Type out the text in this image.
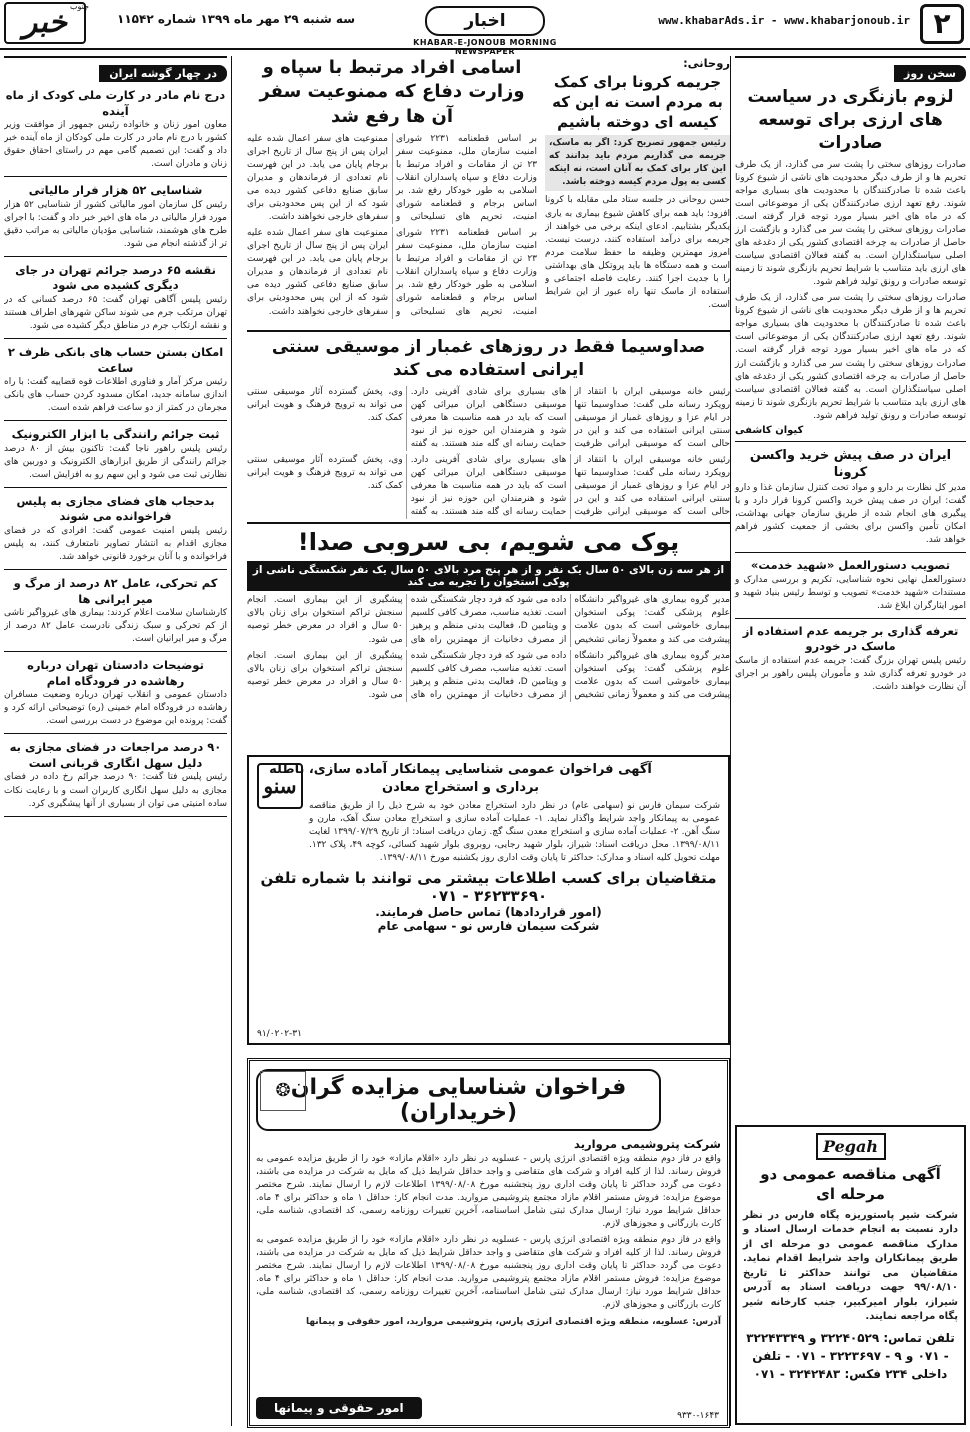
۲
www.khabarAds.ir - www.khabarjonoub.ir
اخبار
KHABAR-E-JONOUB MORNING NEWSPAPER
سه شنبه ۲۹ مهر ماه ۱۳۹۹ شماره ۱۱۵۴۲
خبر جنوب
سخن روز
لزوم بازنگری در سیاست های ارزی برای توسعه صادرات
صادرات روزهای سختی را پشت سر می گذارد، از یک طرف تحریم ها و از طرف دیگر محدودیت های ناشی از شیوع کرونا باعث شده تا صادرکنندگان با محدودیت های بسیاری مواجه شوند. رفع تعهد ارزی صادرکنندگان یکی از موضوعاتی است که در ماه های اخیر بسیار مورد توجه قرار گرفته است. صادرات روزهای سختی را پشت سر می گذارد و بازگشت ارز حاصل از صادرات به چرخه اقتصادی کشور یکی از دغدغه های اصلی سیاستگذاران است. به گفته فعالان اقتصادی سیاست های ارزی باید متناسب با شرایط تحریم بازنگری شوند تا زمینه توسعه صادرات و رونق تولید فراهم شود.
صادرات روزهای سختی را پشت سر می گذارد، از یک طرف تحریم ها و از طرف دیگر محدودیت های ناشی از شیوع کرونا باعث شده تا صادرکنندگان با محدودیت های بسیاری مواجه شوند. رفع تعهد ارزی صادرکنندگان یکی از موضوعاتی است که در ماه های اخیر بسیار مورد توجه قرار گرفته است. صادرات روزهای سختی را پشت سر می گذارد و بازگشت ارز حاصل از صادرات به چرخه اقتصادی کشور یکی از دغدغه های اصلی سیاستگذاران است. به گفته فعالان اقتصادی سیاست های ارزی باید متناسب با شرایط تحریم بازنگری شوند تا زمینه توسعه صادرات و رونق تولید فراهم شود.
کیوان کاشفی
ایران در صف پیش خرید واکسن کرونا
مدیر کل نظارت بر دارو و مواد تحت کنترل سازمان غذا و دارو گفت: ایران در صف پیش خرید واکسن کرونا قرار دارد و با پیگیری های انجام شده از طریق سازمان جهانی بهداشت، امکان تأمین واکسن برای بخشی از جمعیت کشور فراهم خواهد شد.
تصویب دستورالعمل «شهید خدمت»
دستورالعمل نهایی نحوه شناسایی، تکریم و بررسی مدارک و مستندات «شهید خدمت» تصویب و توسط رئیس بنیاد شهید و امور ایثارگران ابلاغ شد.
تعرفه گذاری بر جریمه عدم استفاده از ماسک در خودرو
رئیس پلیس تهران بزرگ گفت: جریمه عدم استفاده از ماسک در خودرو تعرفه گذاری شد و مأموران پلیس راهور بر اجرای آن نظارت خواهند داشت.
روحانی:
جریمه کرونا برای کمک به مردم است نه این که کیسه ای دوخته باشیم
رئیس جمهور تصریح کرد: اگر به ماسک، جریمه می گذاریم مردم باید بدانند که این کار برای کمک به آنان است، نه اینکه کسی به پول مردم کیسه دوخته باشد.
حسن روحانی در جلسه ستاد ملی مقابله با کرونا افزود: باید همه برای کاهش شیوع بیماری به یاری یکدیگر بشتابیم. ادعای اینکه برخی می خواهند از جریمه برای درآمد استفاده کنند، درست نیست. امروز مهمترین وظیفه ما حفظ سلامت مردم است و همه دستگاه ها باید پروتکل های بهداشتی را با جدیت اجرا کنند. رعایت فاصله اجتماعی و استفاده از ماسک تنها راه عبور از این شرایط است.
اسامی افراد مرتبط با سپاه و وزارت دفاع که ممنوعیت سفر آن ها رفع شد
بر اساس قطعنامه ۲۲۳۱ شورای امنیت سازمان ملل، ممنوعیت سفر ۲۳ تن از مقامات و افراد مرتبط با وزارت دفاع و سپاه پاسداران انقلاب اسلامی به طور خودکار رفع شد. بر اساس برجام و قطعنامه شورای امنیت، تحریم های تسلیحاتی و ممنوعیت های سفر اعمال شده علیه ایران پس از پنج سال از تاریخ اجرای برجام پایان می یابد. در این فهرست نام تعدادی از فرماندهان و مدیران سابق صنایع دفاعی کشور دیده می شود که از این پس محدودیتی برای سفرهای خارجی نخواهند داشت.
بر اساس قطعنامه ۲۲۳۱ شورای امنیت سازمان ملل، ممنوعیت سفر ۲۳ تن از مقامات و افراد مرتبط با وزارت دفاع و سپاه پاسداران انقلاب اسلامی به طور خودکار رفع شد. بر اساس برجام و قطعنامه شورای امنیت، تحریم های تسلیحاتی و ممنوعیت های سفر اعمال شده علیه ایران پس از پنج سال از تاریخ اجرای برجام پایان می یابد. در این فهرست نام تعدادی از فرماندهان و مدیران سابق صنایع دفاعی کشور دیده می شود که از این پس محدودیتی برای سفرهای خارجی نخواهند داشت.
صداوسیما فقط در روزهای غمبار از موسیقی سنتی ایرانی استفاده می کند
رئیس خانه موسیقی ایران با انتقاد از رویکرد رسانه ملی گفت: صداوسیما تنها در ایام عزا و روزهای غمبار از موسیقی سنتی ایرانی استفاده می کند و این در حالی است که موسیقی ایرانی ظرفیت های بسیاری برای شادی آفرینی دارد. موسیقی دستگاهی ایران میراثی کهن است که باید در همه مناسبت ها معرفی شود و هنرمندان این حوزه نیز از نبود حمایت رسانه ای گله مند هستند. به گفته وی، پخش گسترده آثار موسیقی سنتی می تواند به ترویج فرهنگ و هویت ایرانی کمک کند.
رئیس خانه موسیقی ایران با انتقاد از رویکرد رسانه ملی گفت: صداوسیما تنها در ایام عزا و روزهای غمبار از موسیقی سنتی ایرانی استفاده می کند و این در حالی است که موسیقی ایرانی ظرفیت های بسیاری برای شادی آفرینی دارد. موسیقی دستگاهی ایران میراثی کهن است که باید در همه مناسبت ها معرفی شود و هنرمندان این حوزه نیز از نبود حمایت رسانه ای گله مند هستند. به گفته وی، پخش گسترده آثار موسیقی سنتی می تواند به ترویج فرهنگ و هویت ایرانی کمک کند.
پوک می شویم، بی سروبی صدا!
از هر سه زن بالای ۵۰ سال یک نفر و از هر پنج مرد بالای ۵۰ سال یک نفر شکستگی ناشی از پوکی استخوان را تجربه می کند
مدیر گروه بیماری های غیرواگیر دانشگاه علوم پزشکی گفت: پوکی استخوان بیماری خاموشی است که بدون علامت پیشرفت می کند و معمولاً زمانی تشخیص داده می شود که فرد دچار شکستگی شده است. تغذیه مناسب، مصرف کافی کلسیم و ویتامین D، فعالیت بدنی منظم و پرهیز از مصرف دخانیات از مهمترین راه های پیشگیری از این بیماری است. انجام سنجش تراکم استخوان برای زنان بالای ۵۰ سال و افراد در معرض خطر توصیه می شود.
مدیر گروه بیماری های غیرواگیر دانشگاه علوم پزشکی گفت: پوکی استخوان بیماری خاموشی است که بدون علامت پیشرفت می کند و معمولاً زمانی تشخیص داده می شود که فرد دچار شکستگی شده است. تغذیه مناسب، مصرف کافی کلسیم و ویتامین D، فعالیت بدنی منظم و پرهیز از مصرف دخانیات از مهمترین راه های پیشگیری از این بیماری است. انجام سنجش تراکم استخوان برای زنان بالای ۵۰ سال و افراد در معرض خطر توصیه می شود.
سنو
آگهی فراخوان عمومی شناسایی پیمانکار آماده سازی، باطله برداری و استخراج معادن
شرکت سیمان فارس نو (سهامی عام) در نظر دارد استخراج معادن خود به شرح ذیل را از طریق مناقصه عمومی به پیمانکار واجد شرایط واگذار نماید. ۱- عملیات آماده سازی و استخراج معادن سنگ آهک، مارن و سنگ آهن. ۲- عملیات آماده سازی و استخراج معدن سنگ گچ. زمان دریافت اسناد: از تاریخ ۱۳۹۹/۰۷/۲۹ لغایت ۱۳۹۹/۰۸/۱۱. محل دریافت اسناد: شیراز، بلوار شهید رجایی، روبروی بلوار شهید کسائی، کوچه ۴۹، پلاک ۱۳۲. مهلت تحویل کلیه اسناد و مدارک: حداکثر تا پایان وقت اداری روز یکشنبه مورخ ۱۳۹۹/۰۸/۱۱.
متقاضیان برای کسب اطلاعات بیشتر می توانند با شماره تلفن ۳۶۲۳۳۶۹۰ - ۰۷۱
(امور قراردادها) تماس حاصل فرمایند.
شرکت سیمان فارس نو - سهامی عام
۹۱/۰۲۰۲-۳۱
❂ فراخوان شناسایی مزایده گران (خریداران)
شرکت پتروشیمی مروارید
واقع در فاز دوم منطقه ویژه اقتصادی انرژی پارس - عسلویه در نظر دارد «اقلام مازاد» خود را از طریق مزایده عمومی به فروش رساند. لذا از کلیه افراد و شرکت های متقاضی و واجد حداقل شرایط ذیل که مایل به شرکت در مزایده می باشند، دعوت می گردد حداکثر تا پایان وقت اداری روز پنجشنبه مورخ ۱۳۹۹/۰۸/۰۸ اطلاعات لازم را ارسال نمایند. شرح مختصر موضوع مزایده: فروش مستمر اقلام مازاد مجتمع پتروشیمی مروارید. مدت انجام کار: حداقل ۱ ماه و حداکثر برای ۴ ماه. حداقل شرایط مورد نیاز: ارسال مدارک ثبتی شامل اساسنامه، آخرین تغییرات روزنامه رسمی، کد اقتصادی، شناسه ملی، کارت بازرگانی و مجوزهای لازم.
واقع در فاز دوم منطقه ویژه اقتصادی انرژی پارس - عسلویه در نظر دارد «اقلام مازاد» خود را از طریق مزایده عمومی به فروش رساند. لذا از کلیه افراد و شرکت های متقاضی و واجد حداقل شرایط ذیل که مایل به شرکت در مزایده می باشند، دعوت می گردد حداکثر تا پایان وقت اداری روز پنجشنبه مورخ ۱۳۹۹/۰۸/۰۸ اطلاعات لازم را ارسال نمایند. شرح مختصر موضوع مزایده: فروش مستمر اقلام مازاد مجتمع پتروشیمی مروارید. مدت انجام کار: حداقل ۱ ماه و حداکثر برای ۴ ماه. حداقل شرایط مورد نیاز: ارسال مدارک ثبتی شامل اساسنامه، آخرین تغییرات روزنامه رسمی، کد اقتصادی، شناسه ملی، کارت بازرگانی و مجوزهای لازم.
آدرس: عسلویه، منطقه ویژه اقتصادی انرژی پارس، پتروشیمی مروارید، امور حقوقی و پیمانها
امور حقوقی و پیمانها
۹۳۳۰-۱۶۴۳
Pegah
آگهی مناقصه عمومی دو مرحله ای
شرکت شیر پاستوریزه پگاه فارس در نظر دارد نسبت به انجام خدمات ارسال اسناد و مدارک مناقصه عمومی دو مرحله ای از طریق پیمانکاران واجد شرایط اقدام نماید. متقاضیان می توانند حداکثر تا تاریخ ۹۹/۰۸/۱۰ جهت دریافت اسناد به آدرس شیراز، بلوار امیرکبیر، جنب کارخانه شیر پگاه مراجعه نمایند.
تلفن تماس: ۳۲۲۴۰۵۲۹ و ۳۲۲۴۳۳۴۹ - ۰۷۱ و ۹ - ۳۲۲۳۶۹۷ - ۰۷۱ - تلفن داخلی ۲۳۴ فکس: ۳۲۴۲۴۸۳ - ۰۷۱
در چهار گوشه ایران
درج نام مادر در کارت ملی کودک از ماه آینده
معاون امور زنان و خانواده رئیس جمهور از موافقت وزیر کشور با درج نام مادر در کارت ملی کودکان از ماه آینده خبر داد و گفت: این تصمیم گامی مهم در راستای احقاق حقوق زنان و مادران است.
شناسایی ۵۲ هزار فرار مالیاتی
رئیس کل سازمان امور مالیاتی کشور از شناسایی ۵۲ هزار مورد فرار مالیاتی در ماه های اخیر خبر داد و گفت: با اجرای طرح های هوشمند، شناسایی مؤدیان مالیاتی به مراتب دقیق تر از گذشته انجام می شود.
نقشه ۶۵ درصد جرائم تهران در جای دیگری کشیده می شود
رئیس پلیس آگاهی تهران گفت: ۶۵ درصد کسانی که در تهران مرتکب جرم می شوند ساکن شهرهای اطراف هستند و نقشه ارتکاب جرم در مناطق دیگر کشیده می شود.
امکان بستن حساب های بانکی ظرف ۲ ساعت
رئیس مرکز آمار و فناوری اطلاعات قوه قضاییه گفت: با راه اندازی سامانه جدید، امکان مسدود کردن حساب های بانکی مجرمان در کمتر از دو ساعت فراهم شده است.
ثبت جرائم رانندگی با ابزار الکترونیک
رئیس پلیس راهور ناجا گفت: تاکنون بیش از ۸۰ درصد جرائم رانندگی از طریق ابزارهای الکترونیک و دوربین های نظارتی ثبت می شود و این سهم رو به افزایش است.
بدحجاب های فضای مجازی به پلیس فراخوانده می شوند
رئیس پلیس امنیت عمومی گفت: افرادی که در فضای مجازی اقدام به انتشار تصاویر نامتعارف کنند، به پلیس فراخوانده و با آنان برخورد قانونی خواهد شد.
کم تحرکی، عامل ۸۲ درصد از مرگ و میر ایرانی ها
کارشناسان سلامت اعلام کردند: بیماری های غیرواگیر ناشی از کم تحرکی و سبک زندگی نادرست عامل ۸۲ درصد از مرگ و میر ایرانیان است.
توضیحات دادستان تهران درباره رهاشده در فرودگاه امام
دادستان عمومی و انقلاب تهران درباره وضعیت مسافران رهاشده در فرودگاه امام خمینی (ره) توضیحاتی ارائه کرد و گفت: پرونده این موضوع در دست بررسی است.
۹۰ درصد مراجعات در فضای مجازی به دلیل سهل انگاری قربانی است
رئیس پلیس فتا گفت: ۹۰ درصد جرائم رخ داده در فضای مجازی به دلیل سهل انگاری کاربران است و با رعایت نکات ساده امنیتی می توان از بسیاری از آنها پیشگیری کرد.
